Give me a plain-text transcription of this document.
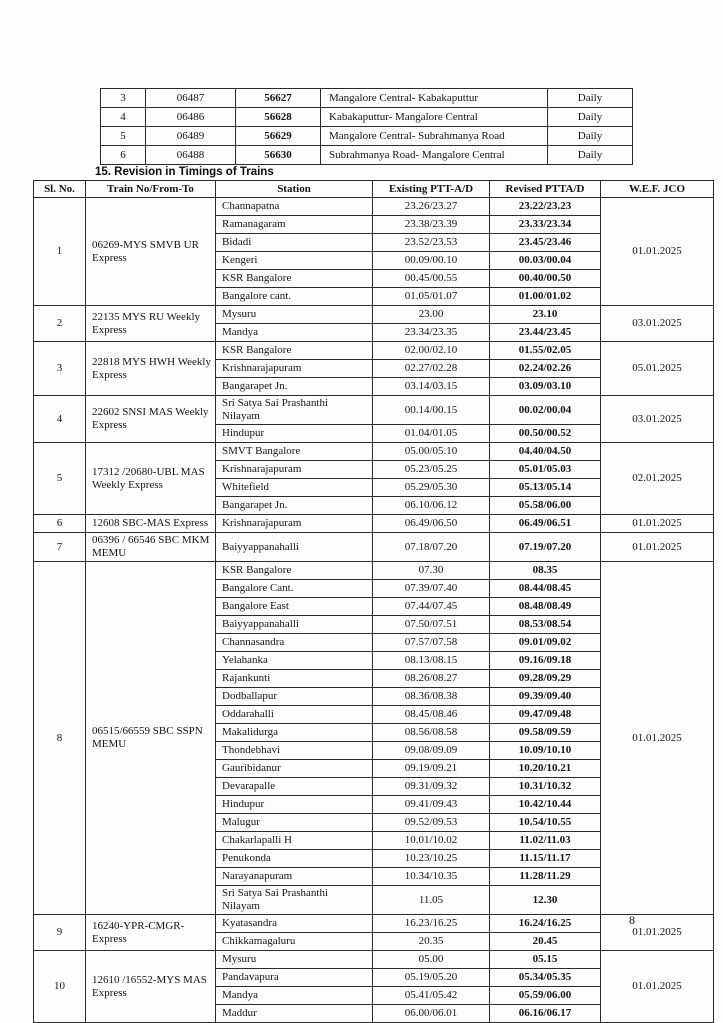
3	06487	56627	Mangalore Central- Kabakaputtur	Daily
4	06486	56628	Kabakaputtur- Mangalore Central	Daily
5	06489	56629	Mangalore Central- Subrahmanya Road	Daily
6	06488	56630	Subrahmanya Road- Mangalore Central	Daily
15. Revision in Timings of Trains
Sl. No.	Train No/From-To	Station	Existing PTT-A/D	Revised PTTA/D	W.E.F. JCO
1	06269-MYS SMVB UR Express	Channapatna	23.26/23.27	23.22/23.23	01.01.2025
		Ramanagaram	23.38/23.39	23.33/23.34	
		Bidadi	23.52/23.53	23.45/23.46	
		Kengeri	00.09/00.10	00.03/00.04	
		KSR Bangalore	00.45/00.55	00.40/00.50	
		Bangalore cant.	01.05/01.07	01.00/01.02	
2	22135 MYS RU Weekly Express	Mysuru	23.00	23.10	03.01.2025
		Mandya	23.34/23.35	23.44/23.45	
3	22818 MYS HWH Weekly Express	KSR Bangalore	02.00/02.10	01.55/02.05	05.01.2025
		Krishnarajapuram	02.27/02.28	02.24/02.26	
		Bangarapet Jn.	03.14/03.15	03.09/03.10	
4	22602 SNSI MAS Weekly Express	Sri Satya Sai Prashanthi Nilayam	00.14/00.15	00.02/00.04	03.01.2025
		Hindupur	01.04/01.05	00.50/00.52	
5	17312 /20680-UBL MAS Weekly Express	SMVT Bangalore	05.00/05.10	04.40/04.50	02.01.2025
		Krishnarajapuram	05.23/05.25	05.01/05.03	
		Whitefield	05.29/05.30	05.13/05.14	
		Bangarapet Jn.	06.10/06.12	05.58/06.00	
6	12608 SBC-MAS Express	Krishnarajapuram	06.49/06.50	06.49/06.51	01.01.2025
7	06396 / 66546 SBC MKM MEMU	Baiyyappanahalli	07.18/07.20	07.19/07.20	01.01.2025
8	06515/66559 SBC SSPN MEMU	KSR Bangalore	07.30	08.35	01.01.2025
		Bangalore Cant.	07.39/07.40	08.44/08.45	
		Bangalore East	07.44/07.45	08.48/08.49	
		Baiyyappanahalli	07.50/07.51	08.53/08.54	
		Channasandra	07.57/07.58	09.01/09.02	
		Yelahanka	08.13/08.15	09.16/09.18	
		Rajankunti	08.26/08.27	09.28/09.29	
		Dodballapur	08.36/08.38	09.39/09.40	
		Oddarahalli	08.45/08.46	09.47/09.48	
		Makalidurga	08.56/08.58	09.58/09.59	
		Thondebhavi	09.08/09.09	10.09/10.10	
		Gauribidanur	09.19/09.21	10.20/10.21	
		Devarapalle	09.31/09.32	10.31/10.32	
		Hindupur	09.41/09.43	10.42/10.44	
		Malugur	09.52/09.53	10.54/10.55	
		Chakarlapalli H	10.01/10.02	11.02/11.03	
		Penukonda	10.23/10.25	11.15/11.17	
		Narayanapuram	10.34/10.35	11.28/11.29	
		Sri Satya Sai Prashanthi Nilayam	11.05	12.30	
9	16240-YPR-CMGR- Express	Kyatasandra	16.23/16.25	16.24/16.25	01.01.2025
		Chikkamagaluru	20.35	20.45	
10	12610 /16552-MYS MAS Express	Mysuru	05.00	05.15	01.01.2025
		Pandavapura	05.19/05.20	05.34/05.35	
		Mandya	05.41/05.42	05.59/06.00	
		Maddur	06.00/06.01	06.16/06.17	
8
